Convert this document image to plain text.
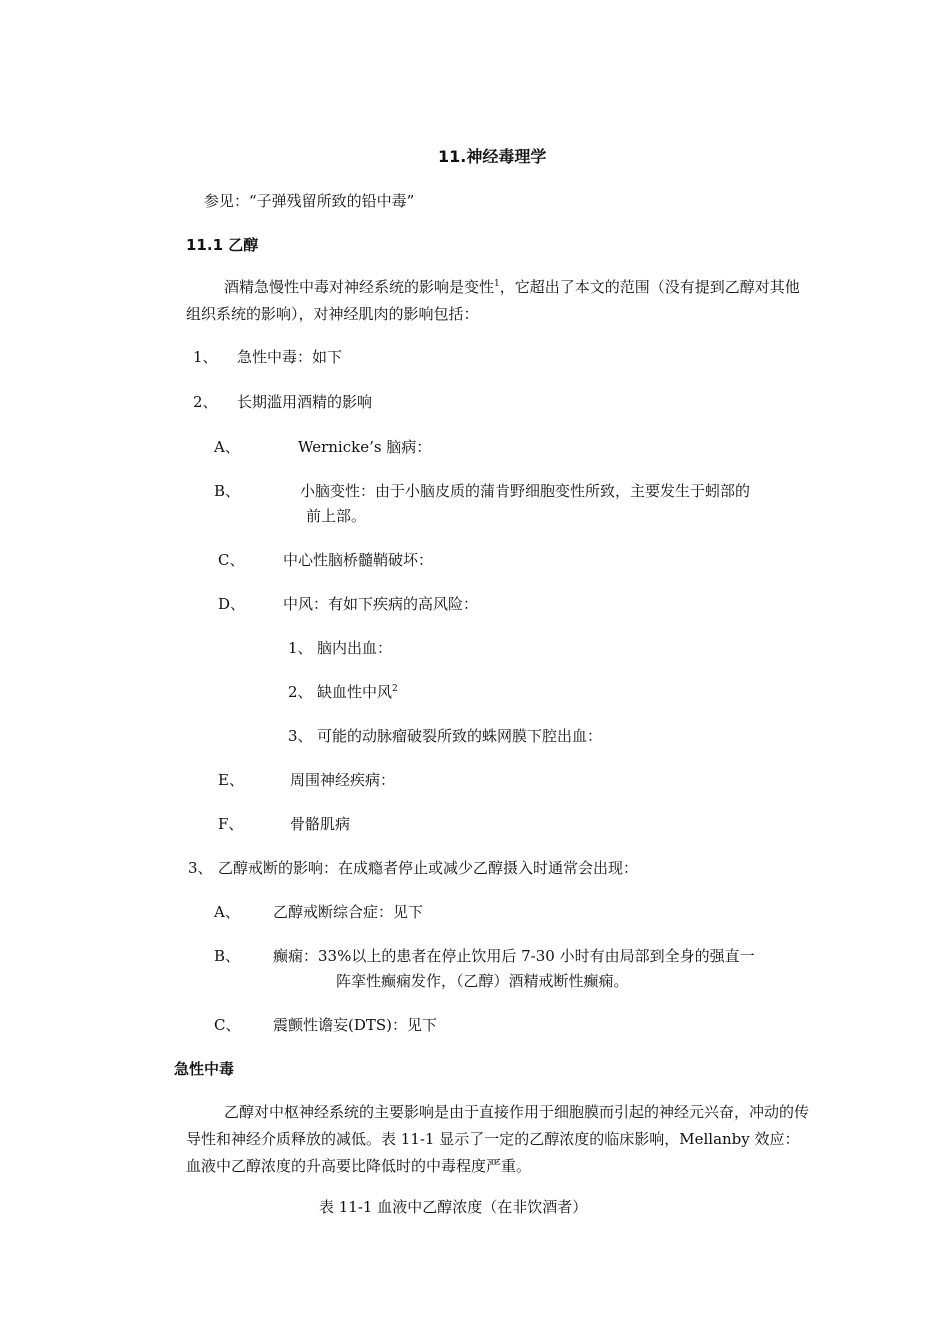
11.神经毒理学
参见：“子弹残留所致的铅中毒”
11.1 乙醇
酒精急慢性中毒对神经系统的影响是变性$^1$，它超出了本文的范围（没有提到乙醇对其他组织系统的影响），对神经肌肉的影响包括：
1、 急性中毒：如下
2、 长期滥用酒精的影响
A、	Wernicke’s 脑病：
B、	小脑变性：由于小脑皮质的蒲肯野细胞变性所致，主要发生于蚓部的
前上部。
C、	中心性脑桥髓鞘破坏：
D、	中风：有如下疾病的高风险：
1、 脑内出血：
2、 缺血性中风$^2$
3、 可能的动脉瘤破裂所致的蛛网膜下腔出血：
E、	周围神经疾病：
F、	骨骼肌病
3、 乙醇戒断的影响：在成瘾者停止或减少乙醇摄入时通常会出现：
A、 乙醇戒断综合症：见下
B、 癫痫：33%以上的患者在停止饮用后 7-30 小时有由局部到全身的强直一
阵挛性癫痫发作，（乙醇）酒精戒断性癫痫。
C、 震颤性谵妄(DTS)：见下
急性中毒
乙醇对中枢神经系统的主要影响是由于直接作用于细胞膜而引起的神经元兴奋，冲动的传导性和神经介质释放的减低。表 11-1 显示了一定的乙醇浓度的临床影响，Mellanby 效应：血液中乙醇浓度的升高要比降低时的中毒程度严重。
表 11-1 血液中乙醇浓度（在非饮酒者）
